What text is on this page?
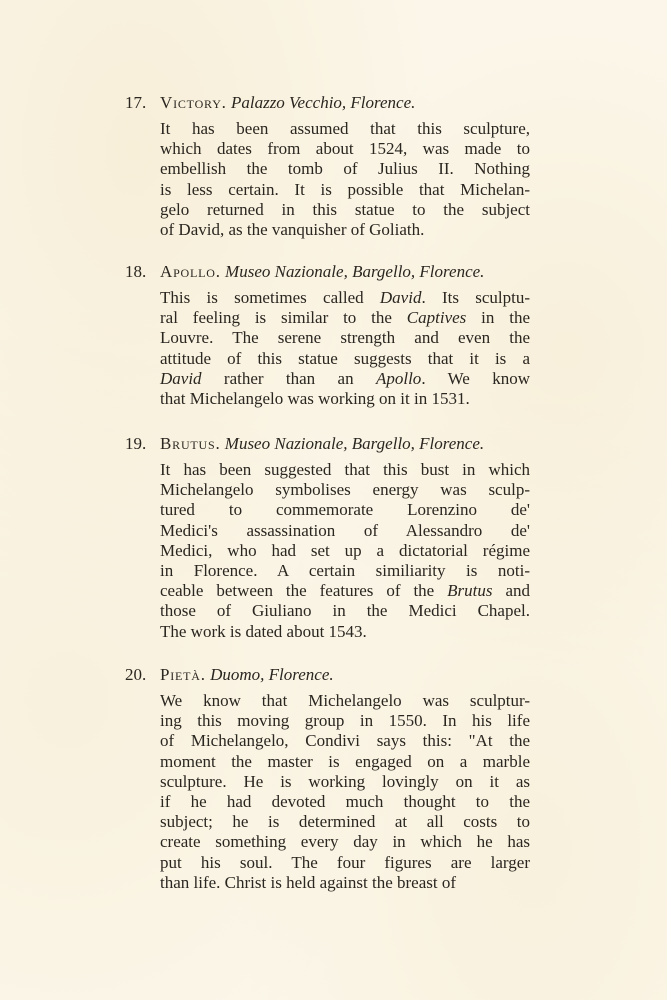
17. Victory. Palazzo Vecchio, Florence.
It has been assumed that this sculpture,
which dates from about 1524, was made to
embellish the tomb of Julius II. Nothing
is less certain. It is possible that Michelan-
gelo returned in this statue to the subject
of David, as the vanquisher of Goliath.
18. Apollo. Museo Nazionale, Bargello, Florence.
This is sometimes called David. Its sculptu-
ral feeling is similar to the Captives in the
Louvre. The serene strength and even the
attitude of this statue suggests that it is a
David rather than an Apollo. We know
that Michelangelo was working on it in 1531.
19. Brutus. Museo Nazionale, Bargello, Florence.
It has been suggested that this bust in which
Michelangelo symbolises energy was sculp-
tured to commemorate Lorenzino de'
Medici's assassination of Alessandro de'
Medici, who had set up a dictatorial régime
in Florence. A certain similiarity is noti-
ceable between the features of the Brutus and
those of Giuliano in the Medici Chapel.
The work is dated about 1543.
20. Pietà. Duomo, Florence.
We know that Michelangelo was sculptur-
ing this moving group in 1550. In his life
of Michelangelo, Condivi says this: "At the
moment the master is engaged on a marble
sculpture. He is working lovingly on it as
if he had devoted much thought to the
subject; he is determined at all costs to
create something every day in which he has
put his soul. The four figures are larger
than life. Christ is held against the breast of
